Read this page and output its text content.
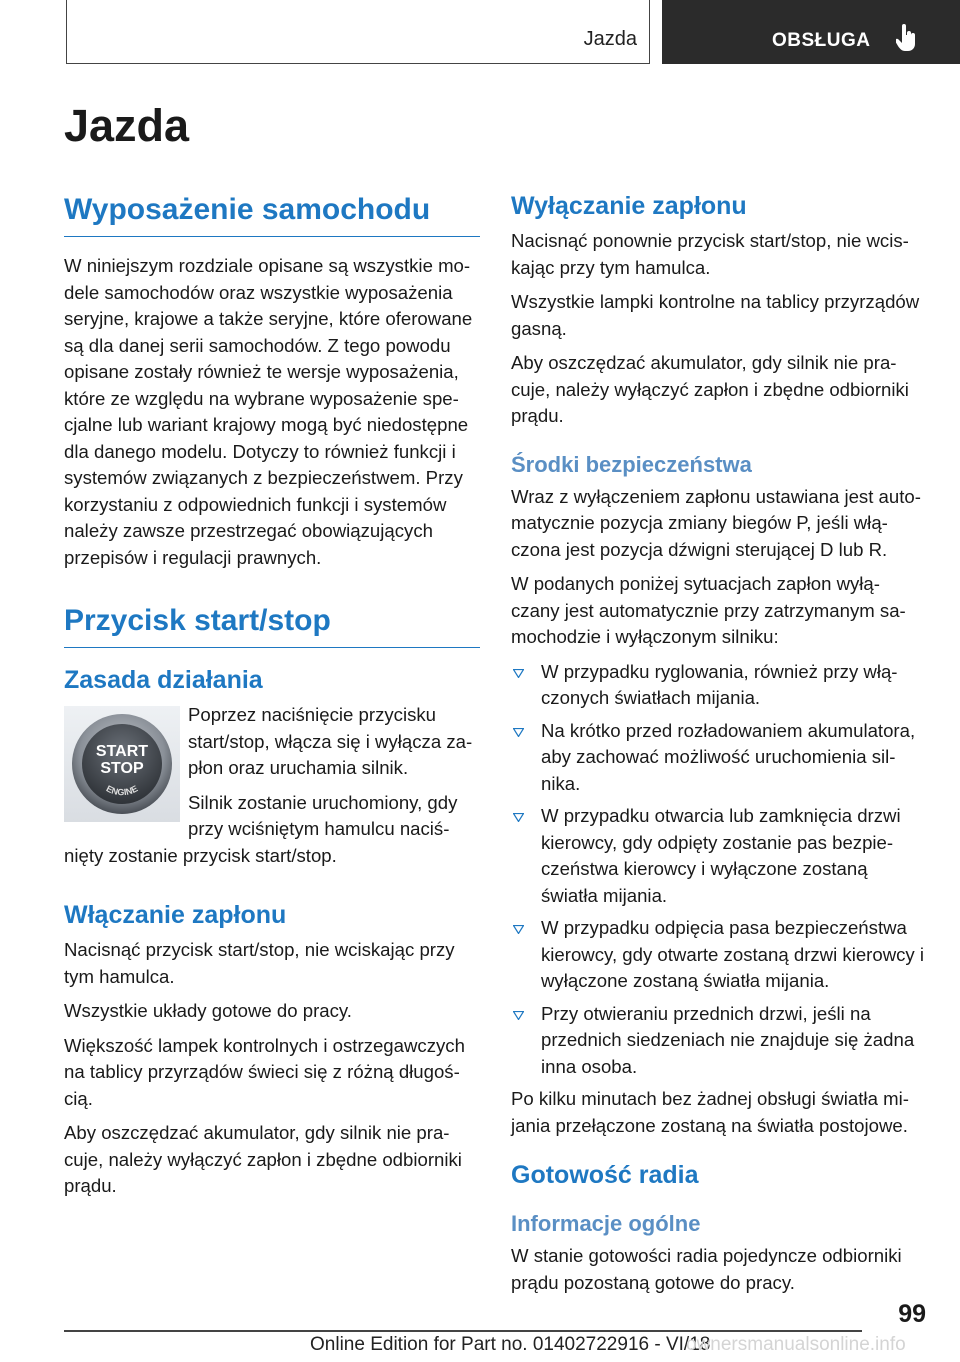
Jazda	OBSŁUGA
Jazda
Wyposażenie samochodu

W niniejszym rozdziale opisane są wszystkie mo-dele samochodów oraz wszystkie wyposażenia seryjne, krajowe a także seryjne, które oferowane są dla danej serii samochodów. Z tego powodu opisane zostały również te wersje wyposażenia, które ze względu na wybrane wyposażenie spe-cjalne lub wariant krajowy mogą być niedostępne dla danego modelu. Dotyczy to również funkcji i systemów związanych z bezpieczeństwem. Przy korzystaniu z odpowiednich funkcji i systemów należy zawsze przestrzegać obowiązujących przepisów i regulacji prawnych.

Przycisk start/stop
Zasada działania
START
STOP
ENGINE

Poprzez naciśnięcie przycisku start/stop, włącza się i wyłącza za-płon oraz uruchamia silnik.

Silnik zostanie uruchomiony, gdy przy wciśniętym hamulcu naciś-nięty zostanie przycisk start/stop.

Włączanie zapłonu

Nacisnąć przycisk start/stop, nie wciskając przy tym hamulca.

Wszystkie układy gotowe do pracy.

Większość lampek kontrolnych i ostrzegawczych na tablicy przyrządów świeci się z różną długoś-cią.

Aby oszczędzać akumulator, gdy silnik nie pra-cuje, należy wyłączyć zapłon i zbędne odbiorniki prądu.

Wyłączanie zapłonu

Nacisnąć ponownie przycisk start/stop, nie wcis-kając przy tym hamulca.

Wszystkie lampki kontrolne na tablicy przyrządów gasną.

Aby oszczędzać akumulator, gdy silnik nie pra-cuje, należy wyłączyć zapłon i zbędne odbiorniki prądu.

Środki bezpieczeństwa

Wraz z wyłączeniem zapłonu ustawiana jest auto-matycznie pozycja zmiany biegów P, jeśli włą-czona jest pozycja dźwigni sterującej D lub R.

W podanych poniżej sytuacjach zapłon wyłą-czany jest automatycznie przy zatrzymanym sa-mochodzie i wyłączonym silniku:

W przypadku ryglowania, również przy włą-czonych światłach mijania.
Na krótko przed rozładowaniem akumulatora, aby zachować możliwość uruchomienia sil-nika.
W przypadku otwarcia lub zamknięcia drzwi kierowcy, gdy odpięty zostanie pas bezpie-czeństwa kierowcy i wyłączone zostaną światła mijania.
W przypadku odpięcia pasa bezpieczeństwa kierowcy, gdy otwarte zostaną drzwi kierowcy i wyłączone zostaną światła mijania.
Przy otwieraniu przednich drzwi, jeśli na przednich siedzeniach nie znajduje się żadna inna osoba.

Po kilku minutach bez żadnej obsługi światła mi-jania przełączone zostaną na światła postojowe.

Gotowość radia
Informacje ogólne

W stanie gotowości radia pojedyncze odbiorniki prądu pozostaną gotowe do pracy.

99
Online Edition for Part no. 01402722916 - VI/18
ownersmanualsonline.info
